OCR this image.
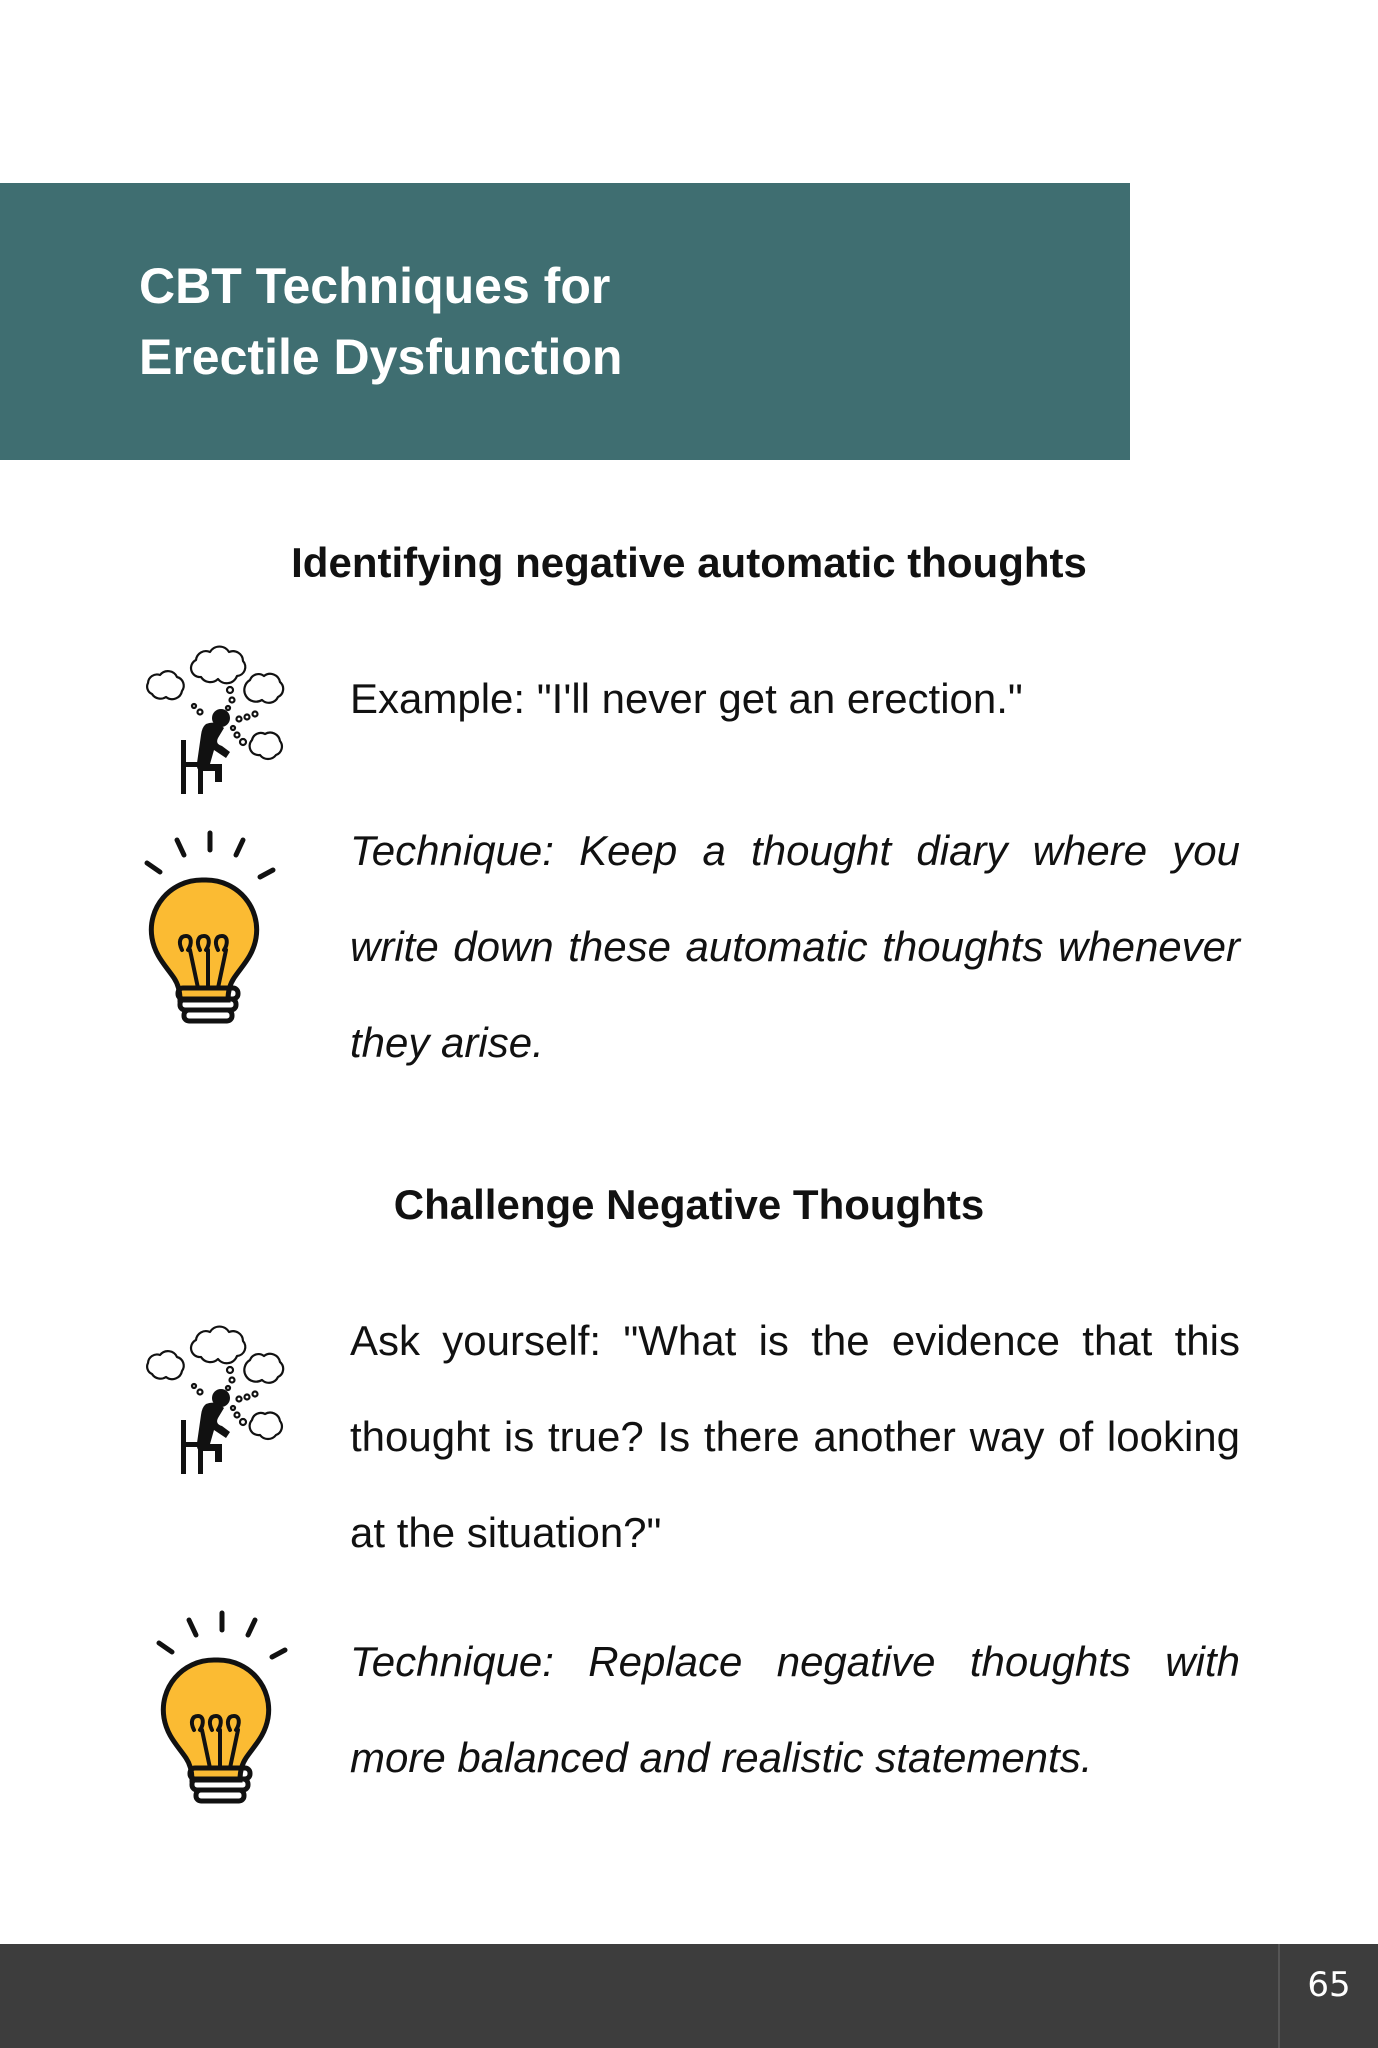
CBT Techniques for
Erectile Dysfunction
Identifying negative automatic thoughts

Example: "I'll never get an erection."

Technique: Keep a thought diary where you write down these automatic thoughts whenever they arise.

Challenge Negative Thoughts

Ask yourself: "What is the evidence that this thought is true? Is there another way of looking at the situation?"

Technique: Replace negative thoughts with more balanced and realistic statements.

65
